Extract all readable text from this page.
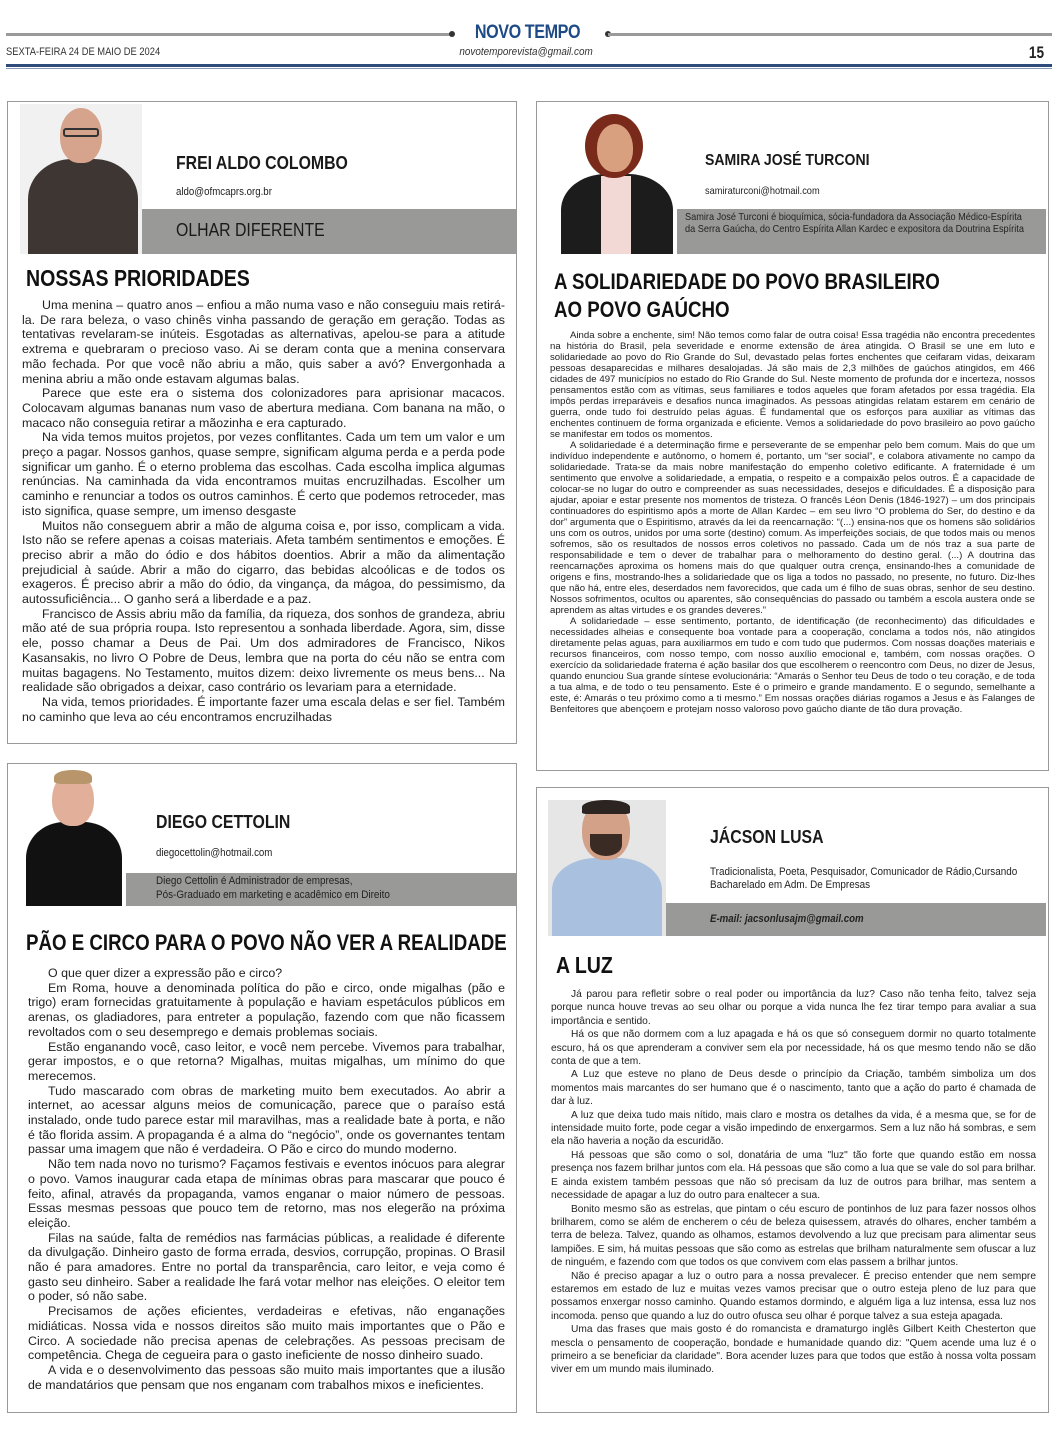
NOVO TEMPO
SEXTA-FEIRA 24 DE MAIO DE 2024	novotemporevista@gmail.com	15
FREI ALDO COLOMBO
aldo@ofmcaprs.org.br
OLHAR DIFERENTE
NOSSAS PRIORIDADES

Uma menina – quatro anos – enfiou a mão numa vaso e não conseguiu mais retirá-la. De rara beleza, o vaso chinês vinha passando de geração em geração. Todas as tentativas revelaram-se inúteis. Esgotadas as alternativas, apelou-se para a atitude extrema e quebraram o precioso vaso. Ai se deram conta que a menina conservara mão fechada. Por que você não abriu a mão, quis saber a avó? Envergonhada a menina abriu a mão onde estavam algumas balas.

Parece que este era o sistema dos colonizadores para aprisionar macacos. Colocavam algumas bananas num vaso de abertura mediana. Com banana na mão, o macaco não conseguia retirar a mãozinha e era capturado.

Na vida temos muitos projetos, por vezes conflitantes. Cada um tem um valor e um preço a pagar. Nossos ganhos, quase sempre, significam alguma perda e a perda pode significar um ganho. É o eterno problema das escolhas. Cada escolha implica algumas renúncias. Na caminhada da vida encontramos muitas encruzilhadas. Escolher um caminho e renunciar a todos os outros caminhos. É certo que podemos retroceder, mas isto significa, quase sempre, um imenso desgaste

Muitos não conseguem abrir a mão de alguma coisa e, por isso, complicam a vida. Isto não se refere apenas a coisas materiais. Afeta também sentimentos e emoções. É preciso abrir a mão do ódio e dos hábitos doentios. Abrir a mão da alimentação prejudicial à saúde. Abrir a mão do cigarro, das bebidas alcoólicas e de todos os exageros. É preciso abrir a mão do ódio, da vingança, da mágoa, do pessimismo, da autossuficiência... O ganho será a liberdade e a paz.

Francisco de Assis abriu mão da família, da riqueza, dos sonhos de grandeza, abriu mão até de sua própria roupa. Isto representou a sonhada liberdade. Agora, sim, disse ele, posso chamar a Deus de Pai. Um dos admiradores de Francisco, Nikos Kasansakis, no livro O Pobre de Deus, lembra que na porta do céu não se entra com muitas bagagens. No Testamento, muitos dizem: deixo livremente os meus bens... Na realidade são obrigados a deixar, caso contrário os levariam para a eternidade.

Na vida, temos prioridades. É importante fazer uma escala delas e ser fiel. Também no caminho que leva ao céu encontramos encruzilhadas

SAMIRA JOSÉ TURCONI
samiraturconi@hotmail.com
Samira José Turconi é bioquímica, sócia-fundadora da Associação Médico-Espírita da Serra Gaúcha, do Centro Espírita Allan Kardec e expositora da Doutrina Espírita
A SOLIDARIEDADE DO POVO BRASILEIRO
AO POVO GAÚCHO

Ainda sobre a enchente, sim! Não temos como falar de outra coisa! Essa tragédia não encontra precedentes na história do Brasil, pela severidade e enorme extensão de área atingida. O Brasil se une em luto e solidariedade ao povo do Rio Grande do Sul, devastado pelas fortes enchentes que ceifaram vidas, deixaram pessoas desaparecidas e milhares desalojadas. Já são mais de 2,3 milhões de gaúchos atingidos, em 466 cidades de 497 municípios no estado do Rio Grande do Sul. Neste momento de profunda dor e incerteza, nossos pensamentos estão com as vítimas, seus familiares e todos aqueles que foram afetados por essa tragédia. Ela impôs perdas irreparáveis e desafios nunca imaginados. As pessoas atingidas relatam estarem em cenário de guerra, onde tudo foi destruído pelas águas. É fundamental que os esforços para auxiliar as vítimas das enchentes continuem de forma organizada e eficiente. Vemos a solidariedade do povo brasileiro ao povo gaúcho se manifestar em todos os momentos.

A solidariedade é a determinação firme e perseverante de se empenhar pelo bem comum. Mais do que um indivíduo independente e autônomo, o homem é, portanto, um “ser social”, e colabora ativamente no campo da solidariedade. Trata-se da mais nobre manifestação do empenho coletivo edificante. A fraternidade é um sentimento que envolve a solidariedade, a empatia, o respeito e a compaixão pelos outros. É a capacidade de colocar-se no lugar do outro e compreender as suas necessidades, desejos e dificuldades. É a disposição para ajudar, apoiar e estar presente nos momentos de tristeza. O francês Léon Denis (1846-1927) – um dos principais continuadores do espiritismo após a morte de Allan Kardec – em seu livro “O problema do Ser, do destino e da dor” argumenta que o Espiritismo, através da lei da reencarnação: “(...) ensina-nos que os homens são solidários uns com os outros, unidos por uma sorte (destino) comum. As imperfeições sociais, de que todos mais ou menos sofremos, são os resultados de nossos erros coletivos no passado. Cada um de nós traz a sua parte de responsabilidade e tem o dever de trabalhar para o melhoramento do destino geral. (...) A doutrina das reencarnações aproxima os homens mais do que qualquer outra crença, ensinando-lhes a comunidade de origens e fins, mostrando-lhes a solidariedade que os liga a todos no passado, no presente, no futuro. Diz-lhes que não há, entre eles, deserdados nem favorecidos, que cada um é filho de suas obras, senhor de seu destino. Nossos sofrimentos, ocultos ou aparentes, são consequências do passado ou também a escola austera onde se aprendem as altas virtudes e os grandes deveres.”

A solidariedade – esse sentimento, portanto, de identificação (de reconhecimento) das dificuldades e necessidades alheias e consequente boa vontade para a cooperação, conclama a todos nós, não atingidos diretamente pelas aguas, para auxiliarmos em tudo e com tudo que pudermos. Com nossas doações materiais e recursos financeiros, com nosso tempo, com nosso auxílio emocional e, também, com nossas orações. O exercício da solidariedade fraterna é ação basilar dos que escolherem o reencontro com Deus, no dizer de Jesus, quando enunciou Sua grande síntese evolucionária: “Amarás o Senhor teu Deus de todo o teu coração, e de toda a tua alma, e de todo o teu pensamento. Este é o primeiro e grande mandamento. E o segundo, semelhante a este, é: Amarás o teu próximo como a ti mesmo.” Em nossas orações diárias rogamos a Jesus e às Falanges de Benfeitores que abençoem e protejam nosso valoroso povo gaúcho diante de tão dura provação.

DIEGO CETTOLIN
diegocettolin@hotmail.com
Diego Cettolin é Administrador de empresas,
Pós-Graduado em marketing e acadêmico em Direito
PÃO E CIRCO PARA O POVO NÃO VER A REALIDADE

O que quer dizer a expressão pão e circo?

Em Roma, houve a denominada política do pão e circo, onde migalhas (pão e trigo) eram fornecidas gratuitamente à população e haviam espetáculos públicos em arenas, os gladiadores, para entreter a população, fazendo com que não ficassem revoltados com o seu desemprego e demais problemas sociais.

Estão enganando você, caso leitor, e você nem percebe. Vivemos para trabalhar, gerar impostos, e o que retorna? Migalhas, muitas migalhas, um mínimo do que merecemos.

Tudo mascarado com obras de marketing muito bem executados. Ao abrir a internet, ao acessar alguns meios de comunicação, parece que o paraíso está instalado, onde tudo parece estar mil maravilhas, mas a realidade bate à porta, e não é tão florida assim. A propaganda é a alma do “negócio”, onde os governantes tentam passar uma imagem que não é verdadeira. O Pão e circo do mundo moderno.

Não tem nada novo no turismo? Façamos festivais e eventos inócuos para alegrar o povo. Vamos inaugurar cada etapa de mínimas obras para mascarar que pouco é feito, afinal, através da propaganda, vamos enganar o maior número de pessoas. Essas mesmas pessoas que pouco tem de retorno, mas nos elegerão na próxima eleição.

Filas na saúde, falta de remédios nas farmácias públicas, a realidade é diferente da divulgação. Dinheiro gasto de forma errada, desvios, corrupção, propinas. O Brasil não é para amadores. Entre no portal da transparência, caro leitor, e veja como é gasto seu dinheiro. Saber a realidade lhe fará votar melhor nas eleições. O eleitor tem o poder, só não sabe.

Precisamos de ações eficientes, verdadeiras e efetivas, não enganações midiáticas. Nossa vida e nossos direitos são muito mais importantes que o Pão e Circo. A sociedade não precisa apenas de celebrações. As pessoas precisam de competência. Chega de cegueira para o gasto ineficiente de nosso dinheiro suado.

A vida e o desenvolvimento das pessoas são muito mais importantes que a ilusão de mandatários que pensam que nos enganam com trabalhos mixos e ineficientes.

JÁCSON LUSA
Tradicionalista, Poeta, Pesquisador, Comunicador de Rádio,Cursando Bacharelado em Adm. De Empresas
E-mail: jacsonlusajm@gmail.com
A LUZ

Já parou para refletir sobre o real poder ou importância da luz? Caso não tenha feito, talvez seja porque nunca houve trevas ao seu olhar ou porque a vida nunca lhe fez tirar tempo para avaliar a sua importância e sentido.

Há os que não dormem com a luz apagada e há os que só conseguem dormir no quarto totalmente escuro, há os que aprenderam a conviver sem ela por necessidade, há os que mesmo tendo não se dão conta de que a tem.

A Luz que esteve no plano de Deus desde o princípio da Criação, também simboliza um dos momentos mais marcantes do ser humano que é o nascimento, tanto que a ação do parto é chamada de dar à luz.

A luz que deixa tudo mais nítido, mais claro e mostra os detalhes da vida, é a mesma que, se for de intensidade muito forte, pode cegar a visão impedindo de enxergarmos. Sem a luz não há sombras, e sem ela não haveria a noção da escuridão.

Há pessoas que são como o sol, donatária de uma "luz" tão forte que quando estão em nossa presença nos fazem brilhar juntos com ela. Há pessoas que são como a lua que se vale do sol para brilhar. E ainda existem também pessoas que não só precisam da luz de outros para brilhar, mas sentem a necessidade de apagar a luz do outro para enaltecer a sua.

Bonito mesmo são as estrelas, que pintam o céu escuro de pontinhos de luz para fazer nossos olhos brilharem, como se além de encherem o céu de beleza quisessem, através do olhares, encher também a terra de beleza. Talvez, quando as olhamos, estamos devolvendo a luz que precisam para alimentar seus lampiões. E sim, há muitas pessoas que são como as estrelas que brilham naturalmente sem ofuscar a luz de ninguém, e fazendo com que todos os que convivem com elas passem a brilhar juntos.

Não é preciso apagar a luz o outro para a nossa prevalecer. É preciso entender que nem sempre estaremos em estado de luz e muitas vezes vamos precisar que o outro esteja pleno de luz para que possamos enxergar nosso caminho. Quando estamos dormindo, e alguém liga a luz intensa, essa luz nos incomoda. penso que quando a luz do outro ofusca seu olhar é porque talvez a sua esteja apagada.

Uma das frases que mais gosto é do romancista e dramaturgo inglês Gilbert Keith Chesterton que mescla o pensamento de cooperação, bondade e humanidade quando diz: "Quem acende uma luz é o primeiro a se beneficiar da claridade". Bora acender luzes para que todos que estão à nossa volta possam viver em um mundo mais iluminado.
